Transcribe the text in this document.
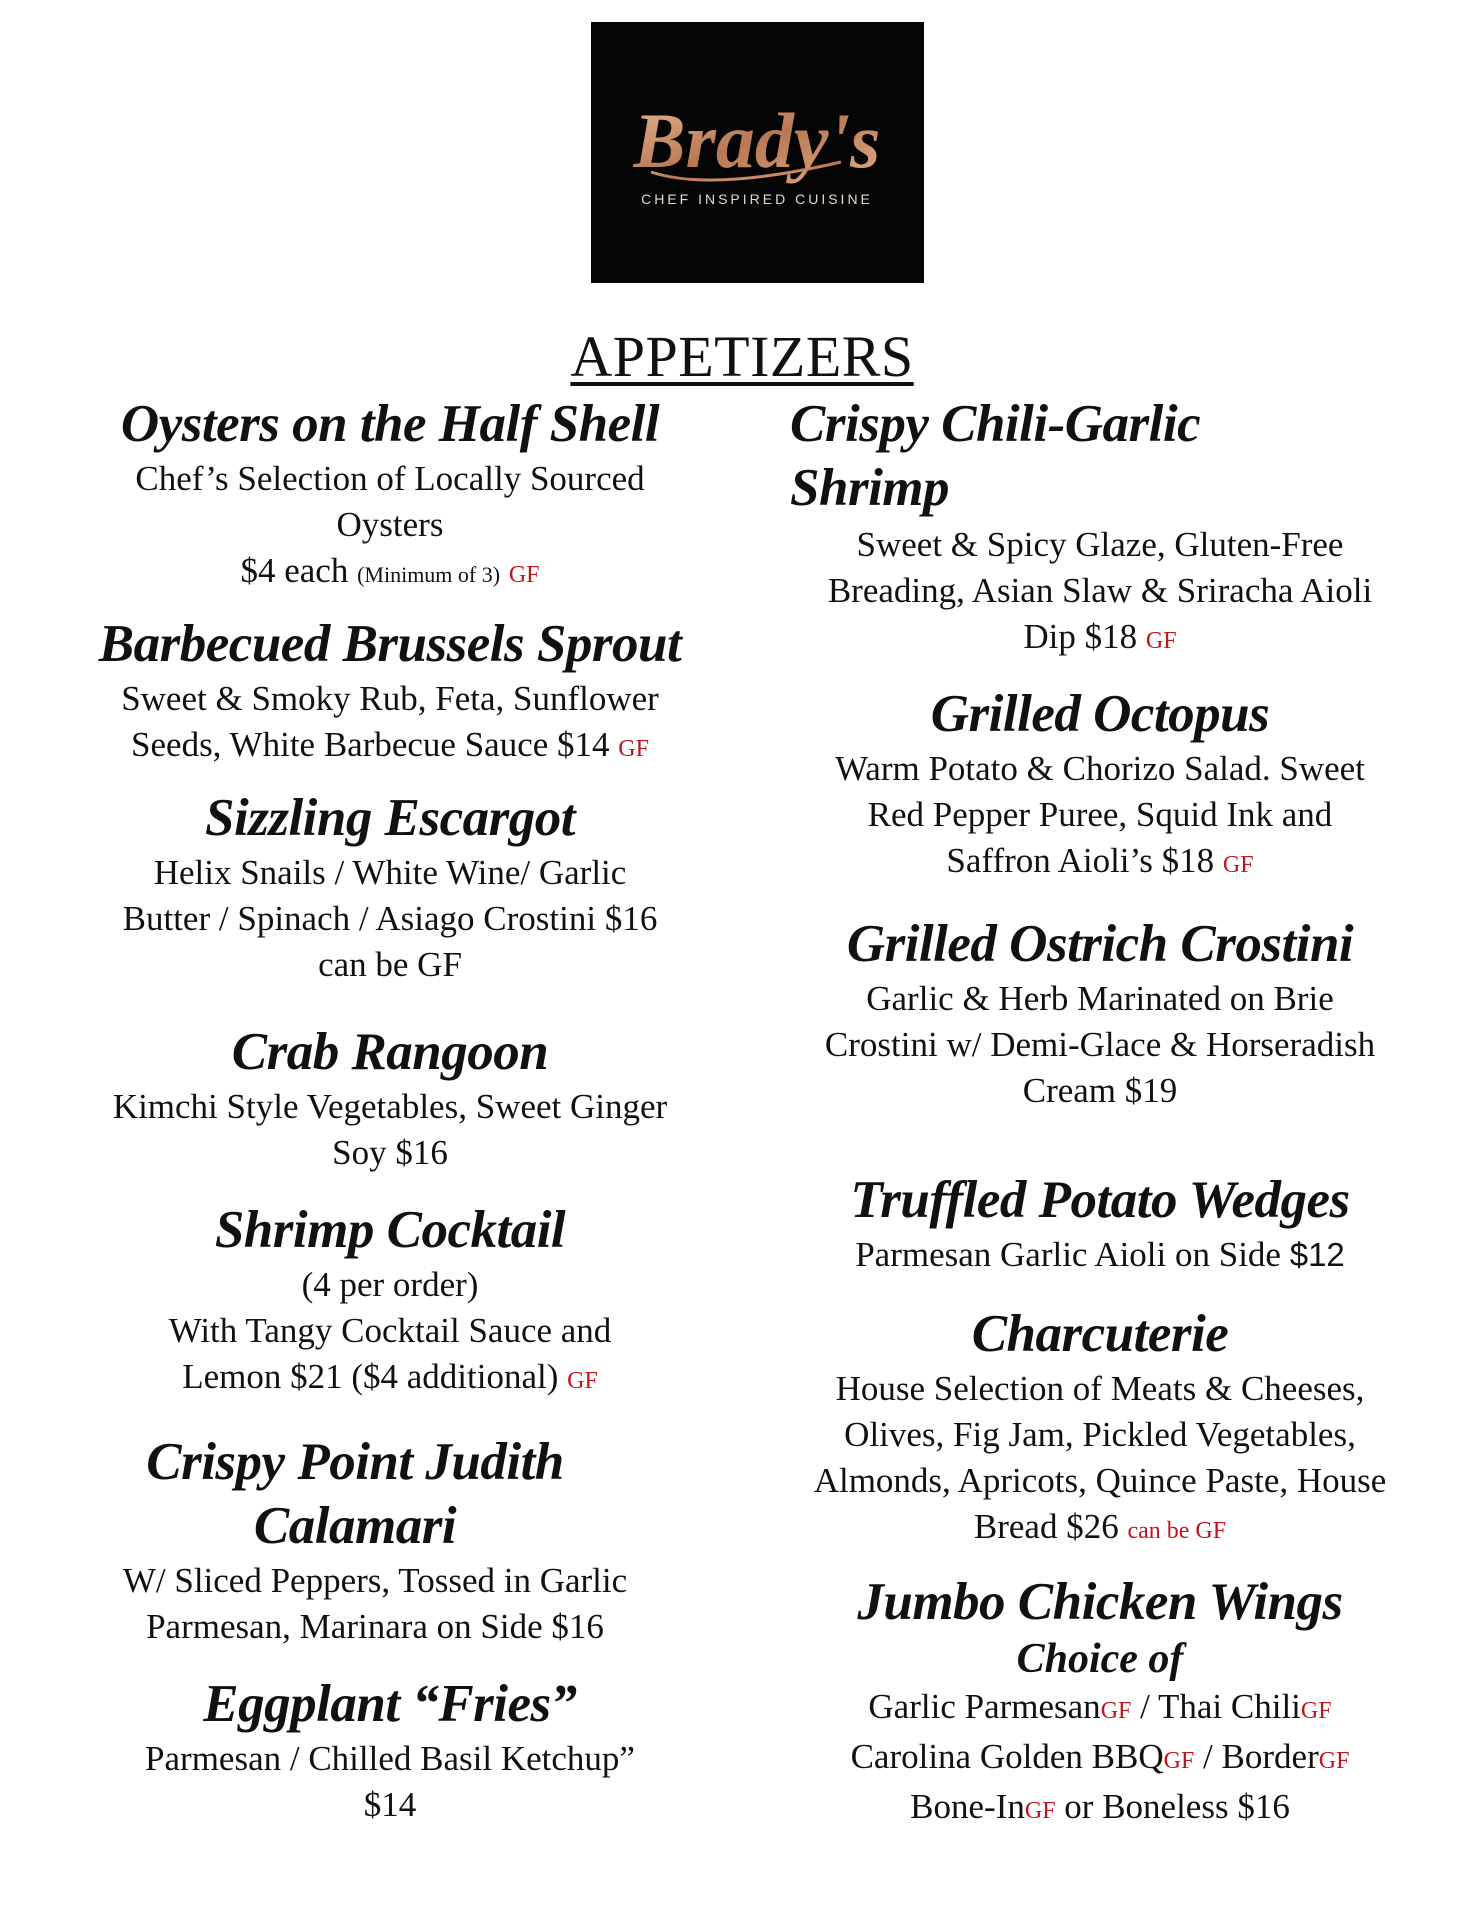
Brady's
CHEF INSPIRED CUISINE
APPETIZERS
Oysters on the Half Shell
Chef’s Selection of Locally Sourced
Oysters
$4 each (Minimum of 3) GF
Barbecued Brussels Sprout
Sweet & Smoky Rub, Feta, Sunflower
Seeds, White Barbecue Sauce $14 GF
Sizzling Escargot
Helix Snails / White Wine/ Garlic
Butter / Spinach / Asiago Crostini $16
can be GF
Crab Rangoon
Kimchi Style Vegetables, Sweet Ginger
Soy $16
Shrimp Cocktail
(4 per order)
With Tangy Cocktail Sauce and
Lemon $21 ($4 additional) GF
Crispy Point Judith
Calamari
W/ Sliced Peppers, Tossed in Garlic
Parmesan, Marinara on Side $16
Eggplant “Fries”
Parmesan / Chilled Basil Ketchup”
$14
Crispy Chili-Garlic
Shrimp
Sweet & Spicy Glaze, Gluten-Free
Breading, Asian Slaw & Sriracha Aioli
Dip $18 GF
Grilled Octopus
Warm Potato & Chorizo Salad. Sweet
Red Pepper Puree, Squid Ink and
Saffron Aioli’s $18 GF
Grilled Ostrich Crostini
Garlic & Herb Marinated on Brie
Crostini w/ Demi-Glace & Horseradish
Cream $19
Truffled Potato Wedges
Parmesan Garlic Aioli on Side $12
Charcuterie
House Selection of Meats & Cheeses,
Olives, Fig Jam, Pickled Vegetables,
Almonds, Apricots, Quince Paste, House
Bread $26 can be GF
Jumbo Chicken Wings
Choice of
Garlic ParmesanGF / Thai ChiliGF
Carolina Golden BBQGF / BorderGF
Bone-InGF or Boneless $16
